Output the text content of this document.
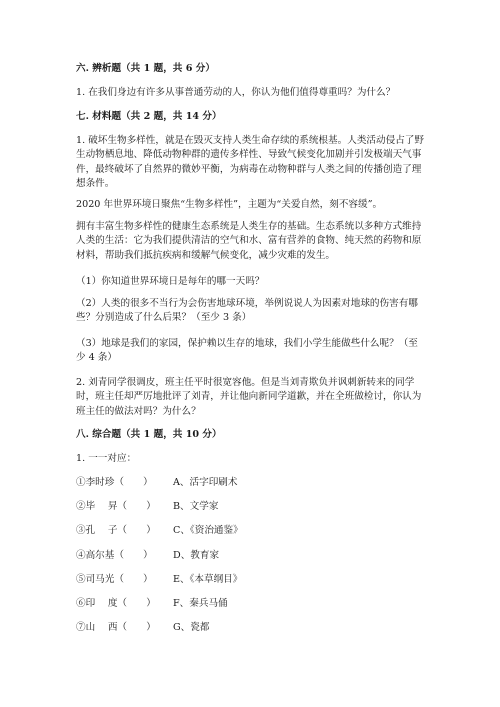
六. 辨析题（共 1 题，共 6 分）
1. 在我们身边有许多从事普通劳动的人，你认为他们值得尊重吗？为什么？
七. 材料题（共 2 题，共 14 分）
1. 破坏生物多样性，就是在毁灭支持人类生命存续的系统根基。人类活动侵占了野生动物栖息地、降低动物种群的遗传多样性、导致气候变化加剧并引发极端天气事件，最终破坏了自然界的微妙平衡，为病毒在动物种群与人类之间的传播创造了理想条件。
2020 年世界环境日聚焦“生物多样性”，主题为“关爱自然，刻不容缓”。
拥有丰富生物多样性的健康生态系统是人类生存的基础。生态系统以多种方式维持人类的生活：它为我们提供清洁的空气和水、富有营养的食物、纯天然的药物和原材料，帮助我们抵抗疾病和缓解气候变化，减少灾难的发生。
（1）你知道世界环境日是每年的哪一天吗？
（2）人类的很多不当行为会伤害地球环境，举例说说人为因素对地球的伤害有哪些？分别造成了什么后果？（至少 3 条）
（3）地球是我们的家园，保护赖以生存的地球，我们小学生能做些什么呢？（至少 4 条）
2. 刘青同学很调皮，班主任平时很宽容他。但是当刘青欺负并讽刺新转来的同学时，班主任却严厉地批评了刘青，并让他向新同学道歉，并在全班做检讨，你认为班主任的做法对吗？为什么？
八. 综合题（共 1 题，共 10 分）
1. 一一对应：
①李时珍（　　） A、活字印刷术
②毕　 昇（　　） B、文学家
③孔　 子（　　） C、《资治通鉴》
④高尔基（　　） D、教育家
⑤司马光（　　） E、《本草纲目》
⑥印　 度（　　） F、秦兵马俑
⑦山　 西（　　） G、瓷都
